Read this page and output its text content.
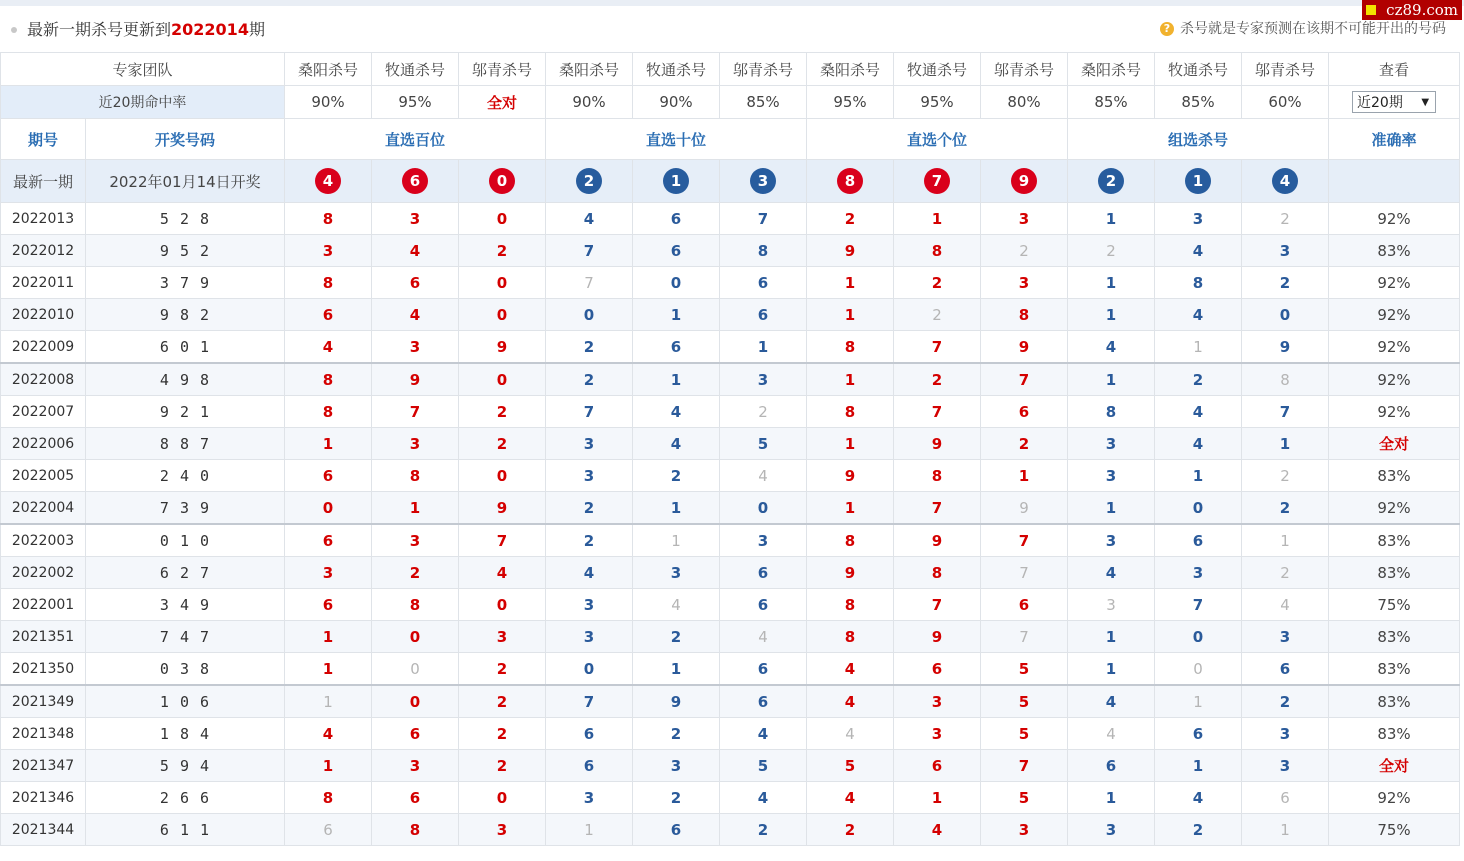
最新一期杀号更新到2022014期	? 杀号就是专家预测在该期不可能开出的号码
cz89.com
专家团队		桑阳杀号	牧通杀号	邬青杀号	桑阳杀号	牧通杀号	邬青杀号	桑阳杀号	牧通杀号	邬青杀号	桑阳杀号	牧通杀号	邬青杀号	查看
近20期命中率		90%	95%	全对	90%	90%	85%	95%	95%	80%	85%	85%	60%	近20期 ▼

期号	开奖号码	直选百位			直选十位			直选个位			组选杀号			准确率
最新一期	2022年01月14日开奖	4	6	0	2	1	3	8	7	9	2	1	4	
2022013	5 2 8	8	3	0	4	6	7	2	1	3	1	3	2	92%
2022012	9 5 2	3	4	2	7	6	8	9	8	2	2	4	3	83%
2022011	3 7 9	8	6	0	7	0	6	1	2	3	1	8	2	92%
2022010	9 8 2	6	4	0	0	1	6	1	2	8	1	4	0	92%
2022009	6 0 1	4	3	9	2	6	1	8	7	9	4	1	9	92%
2022008	4 9 8	8	9	0	2	1	3	1	2	7	1	2	8	92%
2022007	9 2 1	8	7	2	7	4	2	8	7	6	8	4	7	92%
2022006	8 8 7	1	3	2	3	4	5	1	9	2	3	4	1	全对
2022005	2 4 0	6	8	0	3	2	4	9	8	1	3	1	2	83%
2022004	7 3 9	0	1	9	2	1	0	1	7	9	1	0	2	92%
2022003	0 1 0	6	3	7	2	1	3	8	9	7	3	6	1	83%
2022002	6 2 7	3	2	4	4	3	6	9	8	7	4	3	2	83%
2022001	3 4 9	6	8	0	3	4	6	8	7	6	3	7	4	75%
2021351	7 4 7	1	0	3	3	2	4	8	9	7	1	0	3	83%
2021350	0 3 8	1	0	2	0	1	6	4	6	5	1	0	6	83%
2021349	1 0 6	1	0	2	7	9	6	4	3	5	4	1	2	83%
2021348	1 8 4	4	6	2	6	2	4	4	3	5	4	6	3	83%
2021347	5 9 4	1	3	2	6	3	5	5	6	7	6	1	3	全对
2021346	2 6 6	8	6	0	3	2	4	4	1	5	1	4	6	92%
2021344	6 1 1	6	8	3	1	6	2	2	4	3	3	2	1	75%
